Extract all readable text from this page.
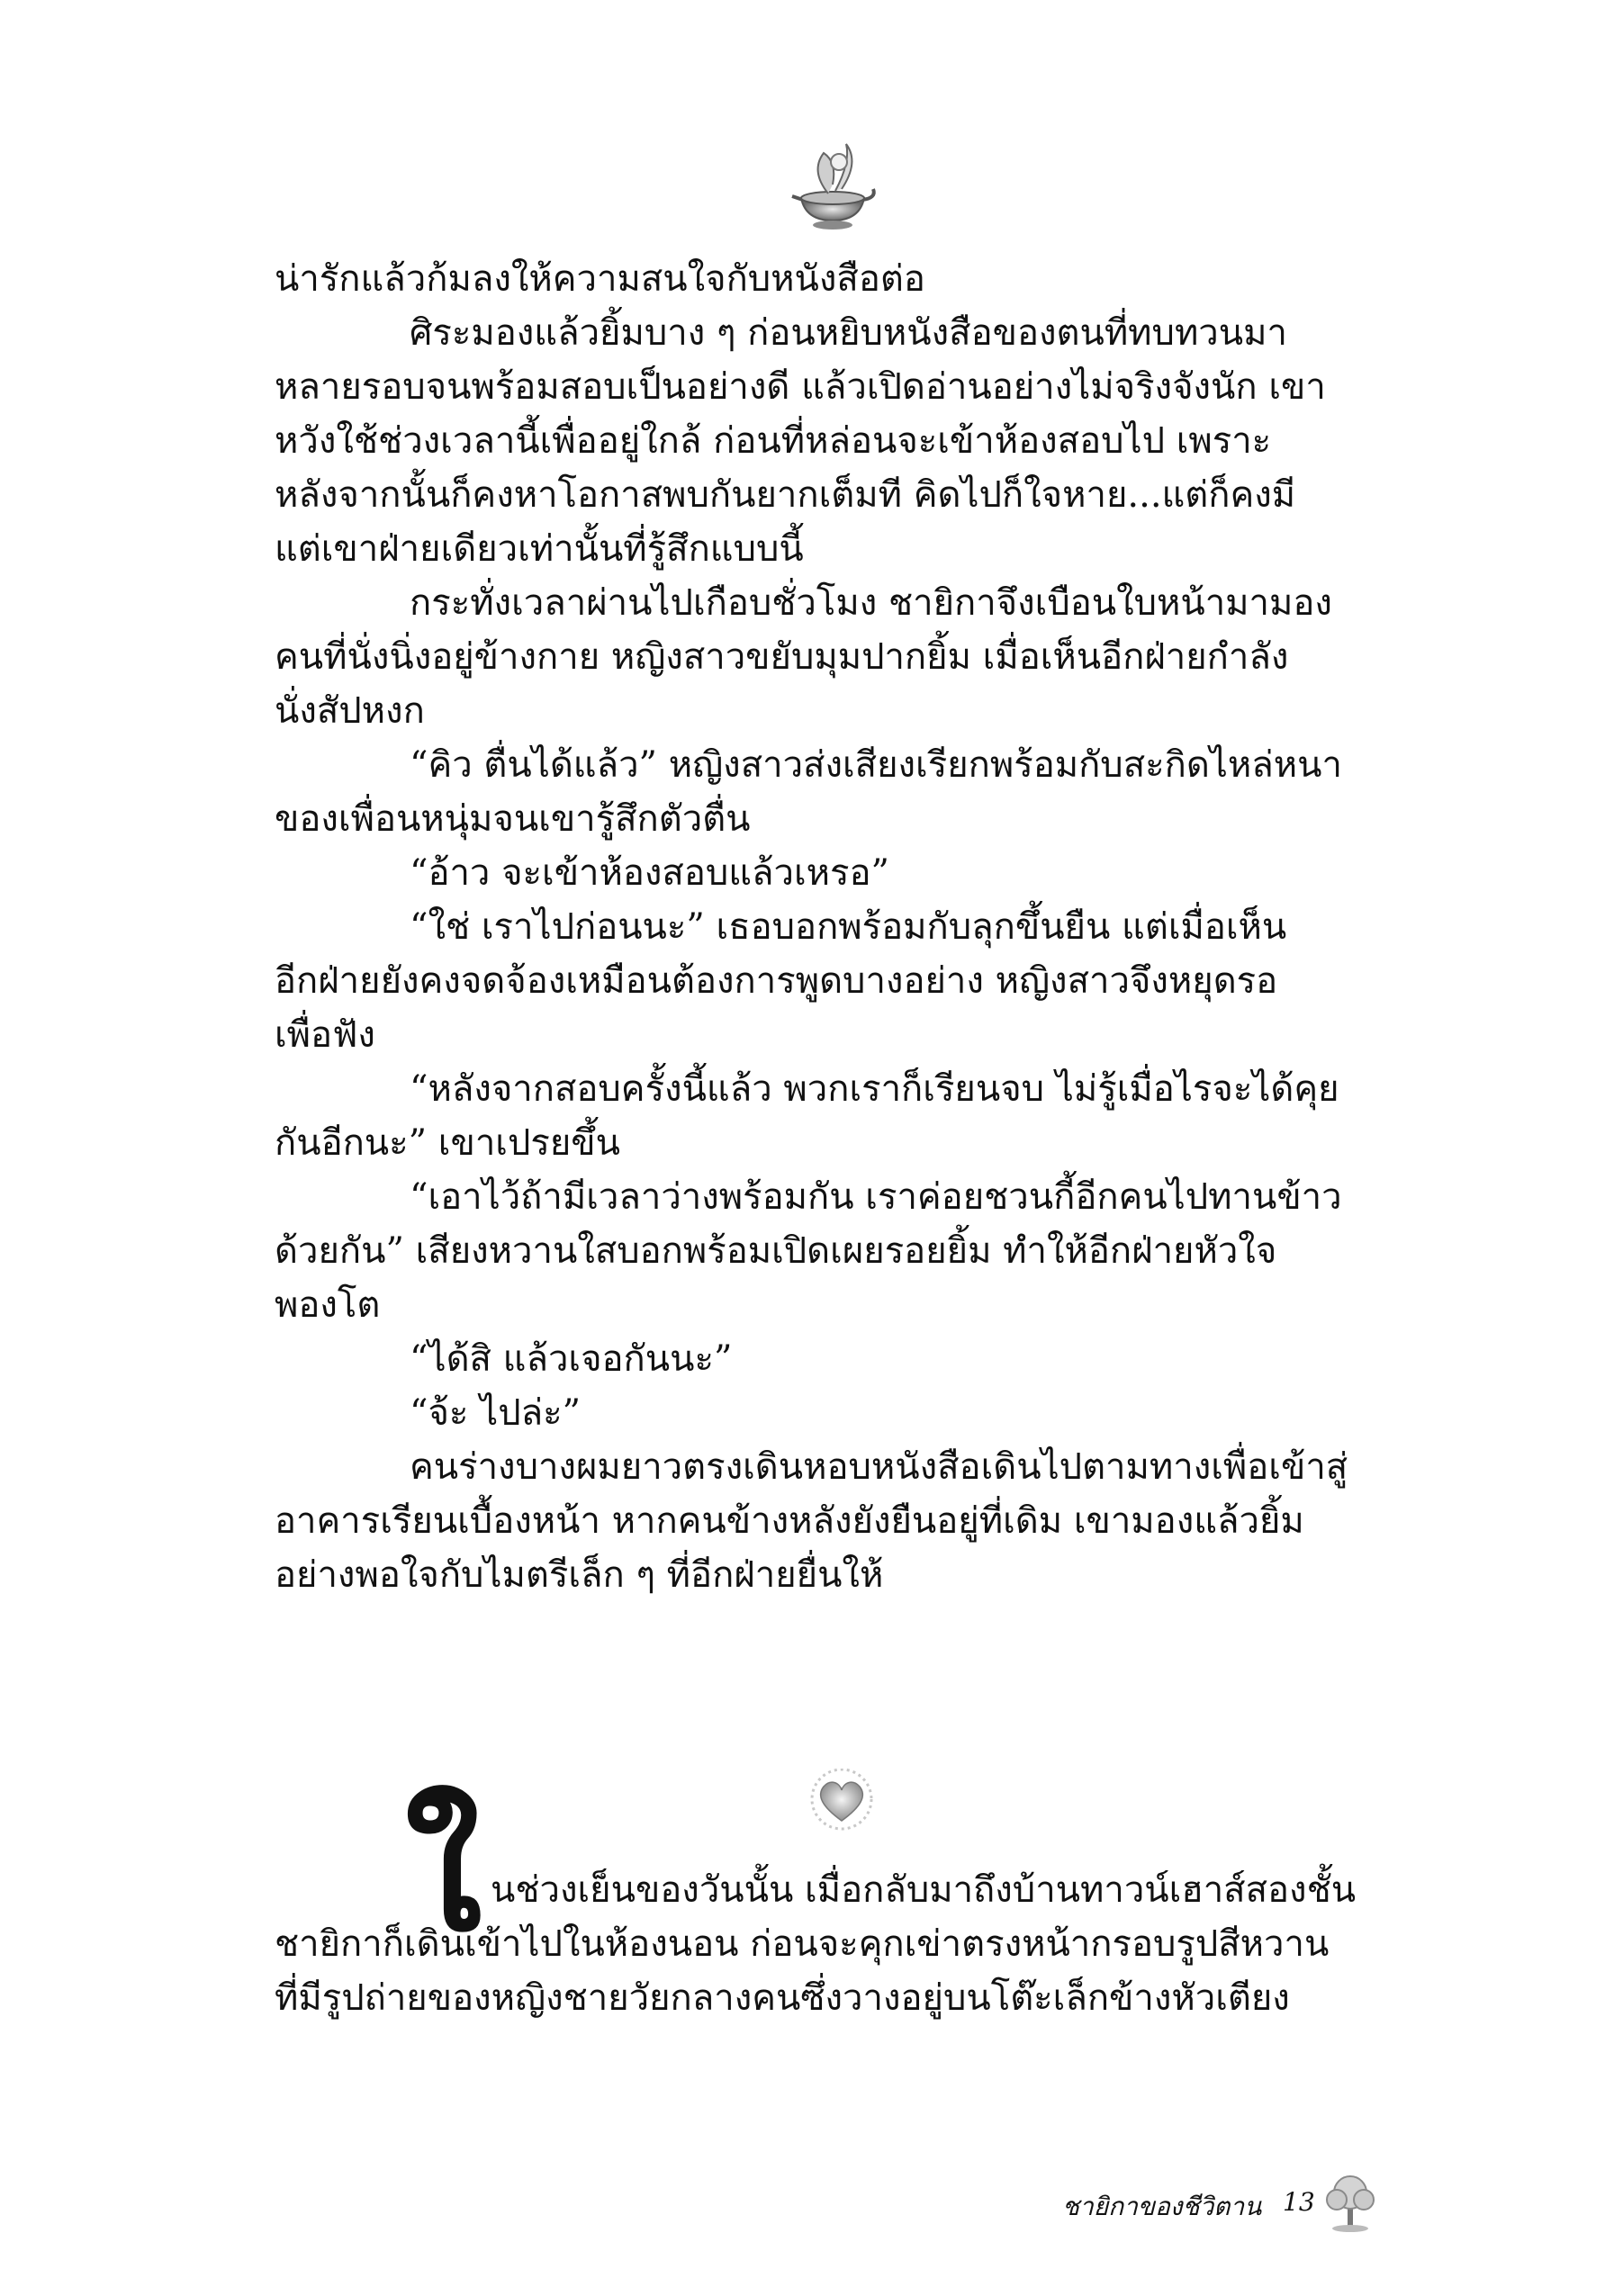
น่ารักแล้วก้มลงให้ความสนใจกับหนังสือต่อ
ศิระมองแล้วยิ้มบาง ๆ ก่อนหยิบหนังสือของตนที่ทบทวนมา
หลายรอบจนพร้อมสอบเป็นอย่างดี แล้วเปิดอ่านอย่างไม่จริงจังนัก เขา
หวังใช้ช่วงเวลานี้เพื่ออยู่ใกล้ ก่อนที่หล่อนจะเข้าห้องสอบไป เพราะ
หลังจากนั้นก็คงหาโอกาสพบกันยากเต็มที คิดไปก็ใจหาย...แต่ก็คงมี
แต่เขาฝ่ายเดียวเท่านั้นที่รู้สึกแบบนี้
กระทั่งเวลาผ่านไปเกือบชั่วโมง ชายิกาจึงเบือนใบหน้ามามอง
คนที่นั่งนิ่งอยู่ข้างกาย หญิงสาวขยับมุมปากยิ้ม เมื่อเห็นอีกฝ่ายกำลัง
นั่งสัปหงก
“คิว ตื่นได้แล้ว” หญิงสาวส่งเสียงเรียกพร้อมกับสะกิดไหล่หนา
ของเพื่อนหนุ่มจนเขารู้สึกตัวตื่น
“อ้าว จะเข้าห้องสอบแล้วเหรอ”
“ใช่ เราไปก่อนนะ” เธอบอกพร้อมกับลุกขึ้นยืน แต่เมื่อเห็น
อีกฝ่ายยังคงจดจ้องเหมือนต้องการพูดบางอย่าง หญิงสาวจึงหยุดรอ
เพื่อฟัง
“หลังจากสอบครั้งนี้แล้ว พวกเราก็เรียนจบ ไม่รู้เมื่อไรจะได้คุย
กันอีกนะ” เขาเปรยขึ้น
“เอาไว้ถ้ามีเวลาว่างพร้อมกัน เราค่อยชวนกี้อีกคนไปทานข้าว
ด้วยกัน” เสียงหวานใสบอกพร้อมเปิดเผยรอยยิ้ม ทำให้อีกฝ่ายหัวใจ
พองโต
“ได้สิ แล้วเจอกันนะ”
“จ้ะ ไปล่ะ”
คนร่างบางผมยาวตรงเดินหอบหนังสือเดินไปตามทางเพื่อเข้าสู่
อาคารเรียนเบื้องหน้า หากคนข้างหลังยังยืนอยู่ที่เดิม เขามองแล้วยิ้ม
อย่างพอใจกับไมตรีเล็ก ๆ ที่อีกฝ่ายยื่นให้
ใ นช่วงเย็นของวันนั้น เมื่อกลับมาถึงบ้านทาวน์เฮาส์สองชั้น
ชายิกาก็เดินเข้าไปในห้องนอน ก่อนจะคุกเข่าตรงหน้ากรอบรูปสีหวาน
ที่มีรูปถ่ายของหญิงชายวัยกลางคนซึ่งวางอยู่บนโต๊ะเล็กข้างหัวเตียง
ชายิกาของชีวิตาน 13
